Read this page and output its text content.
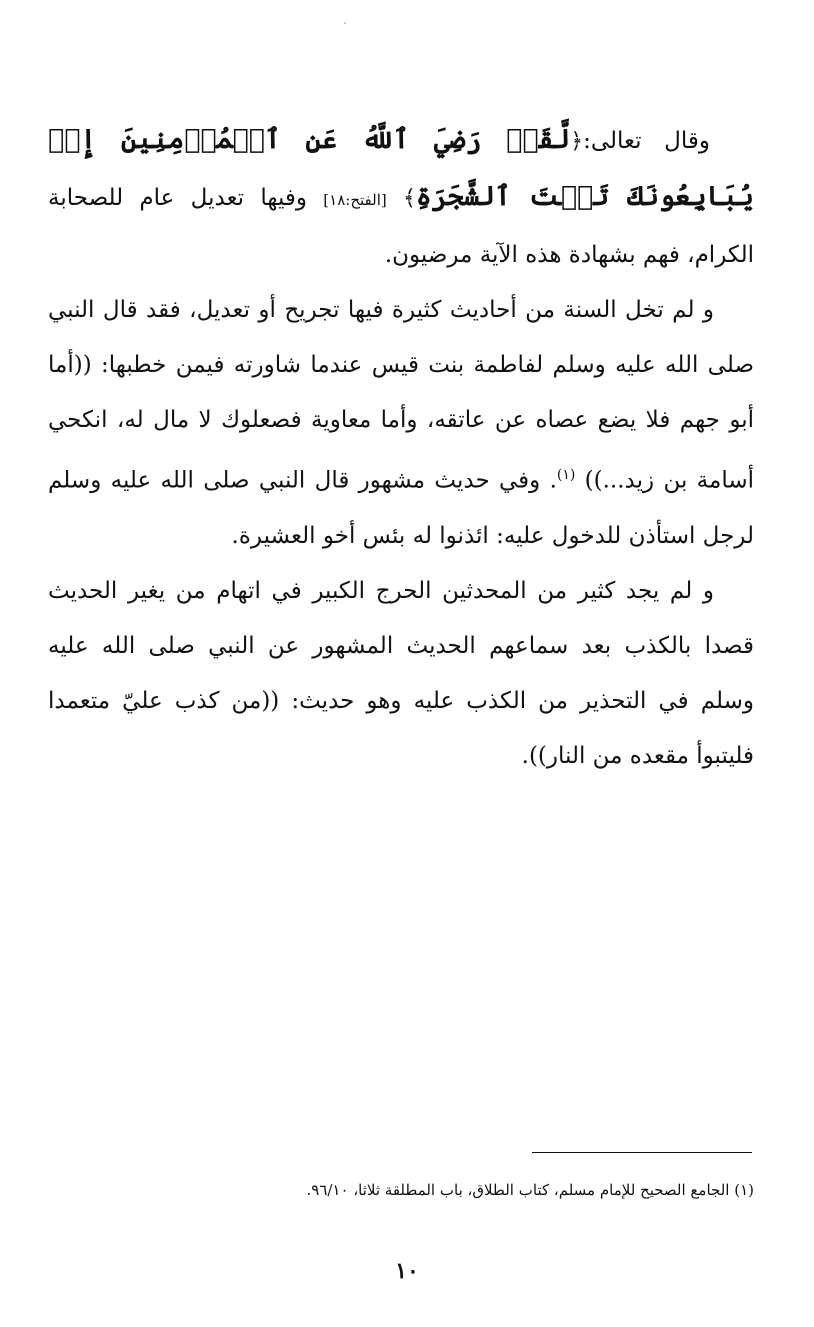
وقال تعالى:﴿لَّقَدۡ رَضِيَ ٱللَّهُ عَنِ ٱلۡمُؤۡمِنِينَ إِذۡ يُبَايِعُونَكَ تَحۡتَ ٱلشَّجَرَةِ﴾ [الفتح:١٨] وفيها تعديل عام للصحابة الكرام، فهم بشهادة هذه الآية مرضيون.

و لم تخل السنة من أحاديث كثيرة فيها تجريح أو تعديل، فقد قال النبي صلى الله عليه وسلم لفاطمة بنت قيس عندما شاورته فيمن خطبها: ((أما أبو جهم فلا يضع عصاه عن عاتقه، وأما معاوية فصعلوك لا مال له، انكحي أسامة بن زيد...)) $^{(١)}$. وفي حديث مشهور قال النبي صلى الله عليه وسلم لرجل استأذن للدخول عليه: ائذنوا له بئس أخو العشيرة.

و لم يجد كثير من المحدثين الحرج الكبير في اتهام من يغير الحديث قصدا بالكذب بعد سماعهم الحديث المشهور عن النبي صلى الله عليه وسلم في التحذير من الكذب عليه وهو حديث: ((من كذب عليّ متعمدا فليتبوأ مقعده من النار)).

(١) الجامع الصحيح للإمام مسلم، كتاب الطلاق، باب المطلقة ثلاثا، ٩٦/١٠.
١٠
